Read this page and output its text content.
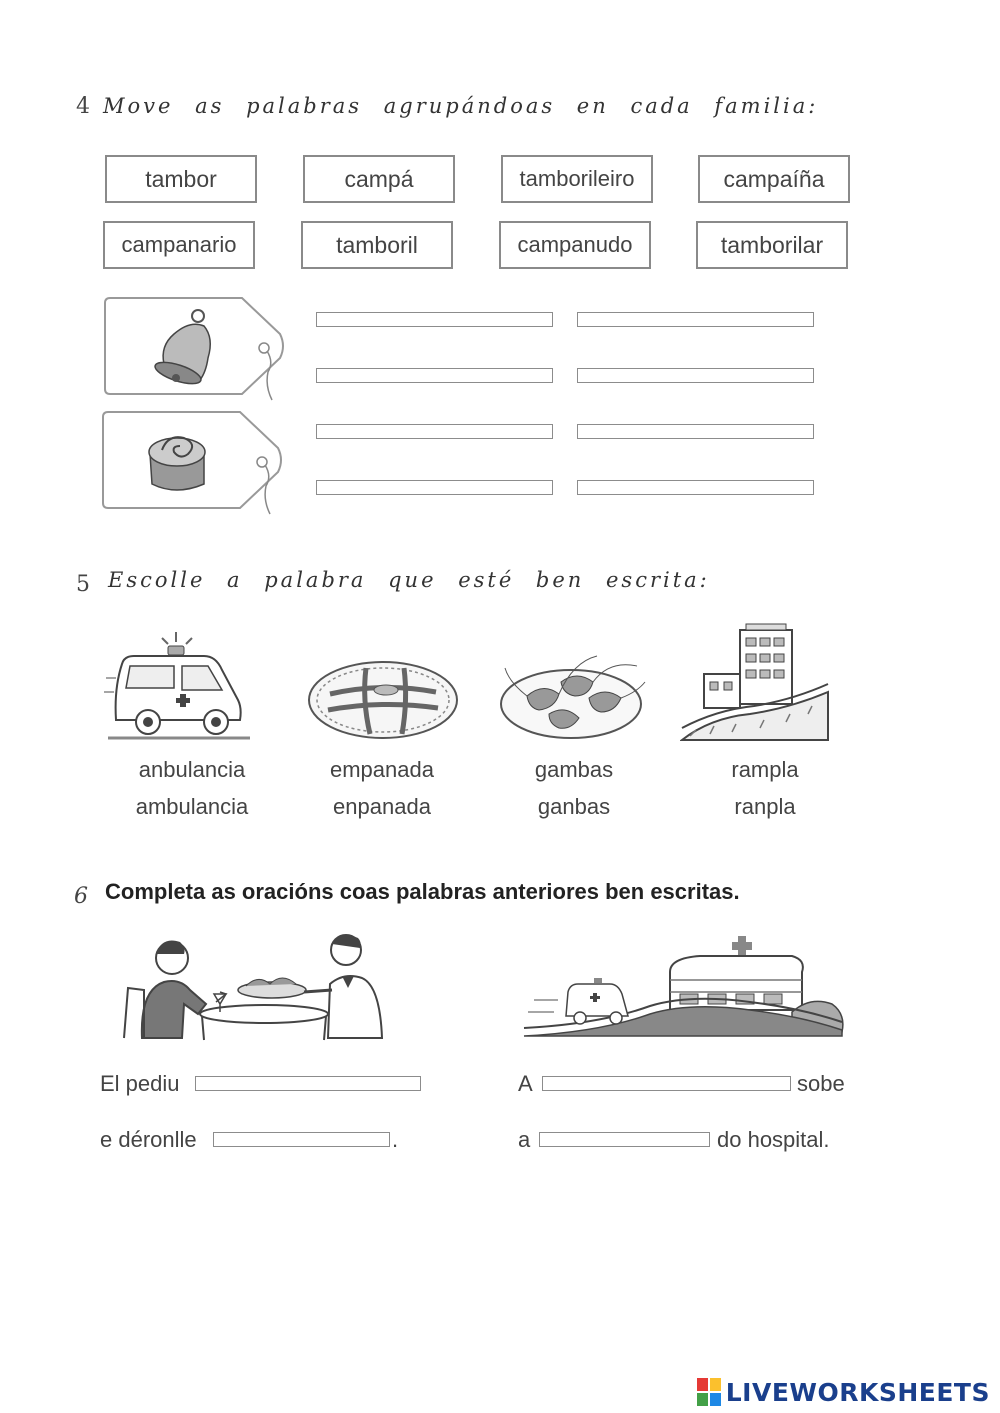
4 Move as palabras agrupándoas en cada familia:
tambor	campá	tamborileiro	campaíña
campanario	tamboril	campanudo	tamborilar
5 Escolle a palabra que esté ben escrita:
anbulancia
ambulancia
empanada
enpanada
gambas
ganbas
rampla
ranpla
6 Completa as oracións coas palabras anteriores ben escritas.
El pediu
e déronlle	.
A	sobe
a	do hospital.
LIVEWORKSHEETS
